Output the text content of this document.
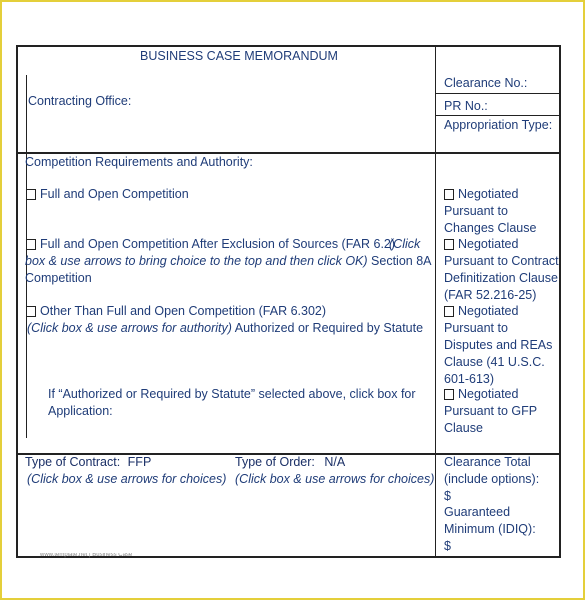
BUSINESS CASE MEMORANDUM
Contracting Office:
Clearance No.:
PR No.:
Appropriation Type:
Competition Requirements and Authority:
Full and Open Competition
Full and Open Competition After Exclusion of Sources (FAR 6.2)
(Click
box & use arrows to bring choice to the top and then click OK) Section 8A
Competition
Other Than Full and Open Competition (FAR 6.302)
(Click box & use arrows for authority) Authorized or Required by Statute
If “Authorized or Required by Statute” selected above, click box for
Application:
Negotiated
Pursuant to
Changes Clause
Negotiated
Pursuant to Contract
Definitization Clause
(FAR 52.216-25)
Negotiated
Pursuant to
Disputes and REAs
Clause (41 U.S.C.
601-613)
Negotiated
Pursuant to GFP
Clause
Type of Contract: FFP
(Click box & use arrows for choices)
Type of Order: N/A
(Click box & use arrows for choices)
Clearance Total
(include options):
$
Guaranteed
Minimum (IDIQ):
$
www.template.net | Business Case
